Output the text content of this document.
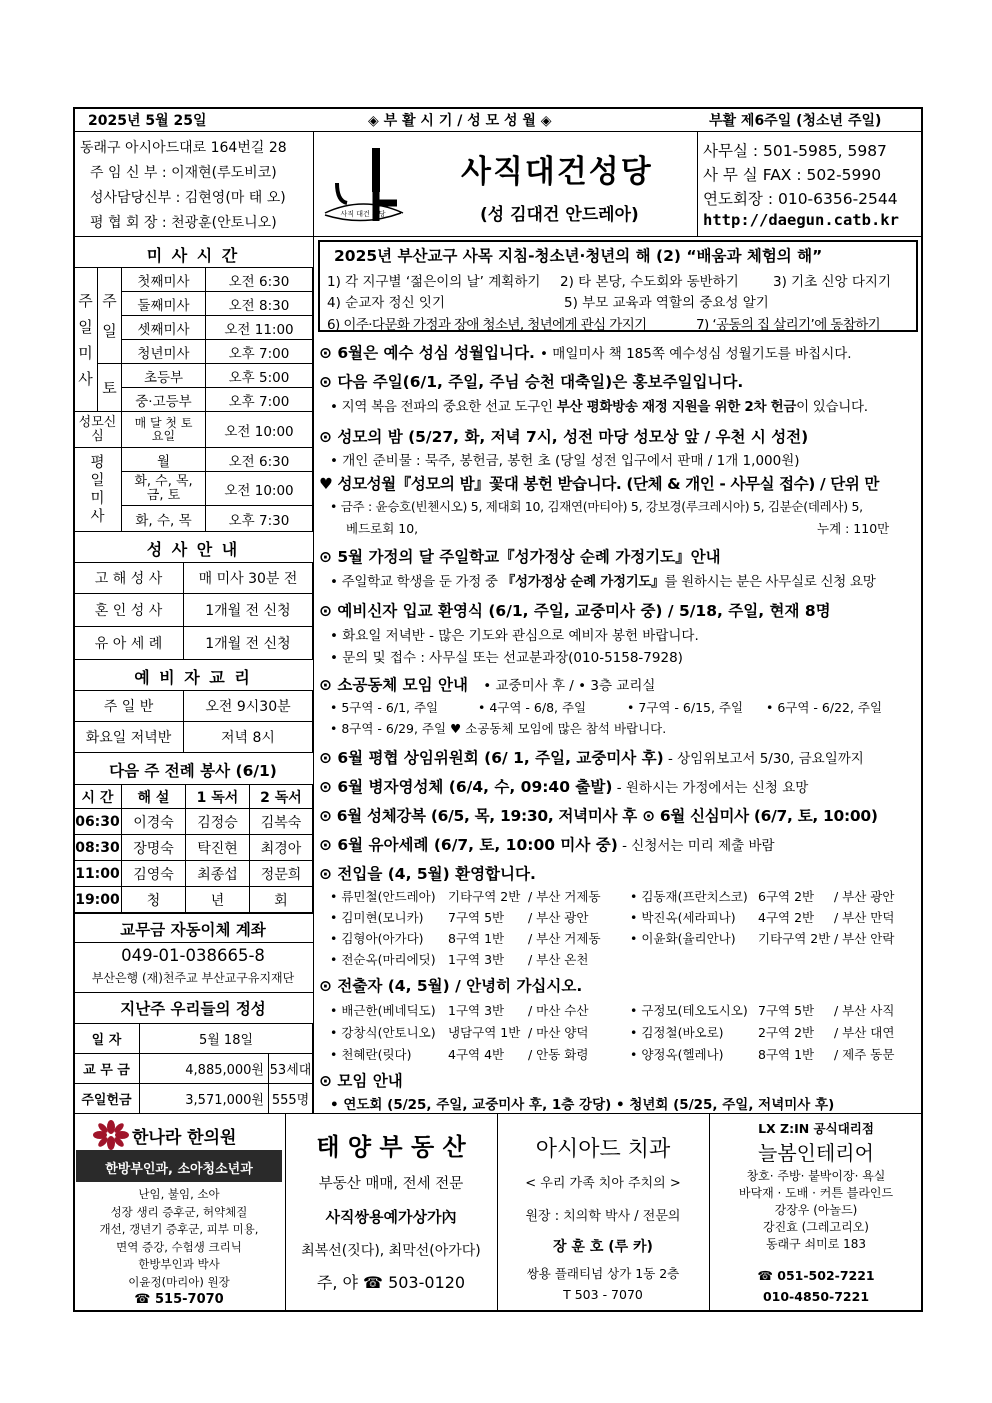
2025년 5월 25일	◈ 부 활 시 기 / 성 모 성 월 ◈	부활 제6주일 (청소년 주일)
동래구 아시아드대로 164번길 28
주 임 신 부 : 이재현(루도비코)
성사담당신부 : 김현영(마 태 오)
평 협 회 장 : 천광훈(안토니오)
사직 대건 성당
사직대건성당
(성 김대건 안드레아)
사무실 : 501-5985, 5987
사 무 실 FAX : 502-5990
연도회장 : 010-6356-2544
http://daegun.catb.kr
미 사 시 간
주
일
미
사	주
일	첫째미사	오전 6:30
		둘째미사	오전 8:30
		셋째미사	오전 11:00
		청년미사	오후 7:00
	토	초등부	오후 5:00
		중·고등부	오후 7:00
성모신심		매 달 첫 토요일	오전 10:00
평일미사		월	오전 6:30
		화, 수, 목, 금, 토	오전 10:00
		화, 수, 목	오후 7:30
성 사 안 내
고 해 성 사	매 미사 30분 전
혼 인 성 사	1개월 전 신청
유 아 세 례	1개월 전 신청
예 비 자 교 리
주 일 반	오전 9시30분
화요일 저녁반	저녁 8시
다음 주 전례 봉사 (6/1)
시 간	해 설	1 독서	2 독서
06:30	이경숙	김정승	김복숙
08:30	장명숙	탁진현	최경아
11:00	김영숙	최종섭	정문희
19:00	청	년	회
교무금 자동이체 계좌
049-01-038665-8
부산은행 (재)천주교 부산교구유지재단
지난주 우리들의 정성
일 자	5월 18일	
교 무 금	4,885,000원	53세대
주일헌금	3,571,000원	555명
2025년 부산교구 사목 지침-청소년·청년의 해 (2) “배움과 체험의 해”
1) 각 지구별 ‘젊은이의 날’ 계획하기 2) 타 본당, 수도회와 동반하기	3) 기초 신앙 다지기
4) 순교자 정신 잇기	5) 부모 교육과 역할의 중요성 알기
6) 이주·다문화 가정과 장애 청소년, 청년에게 관심 가지기	7) ‘공동의 집 살리기’에 동참하기
⊙ 6월은 예수 성심 성월입니다. • 매일미사 책 185쪽 예수성심 성월기도를 바칩시다.
⊙ 다음 주일(6/1, 주일, 주님 승천 대축일)은 홍보주일입니다.
• 지역 복음 전파의 중요한 선교 도구인 부산 평화방송 재정 지원을 위한 2차 헌금이 있습니다.
⊙ 성모의 밤 (5/27, 화, 저녁 7시, 성전 마당 성모상 앞 / 우천 시 성전)
• 개인 준비물 : 묵주, 봉헌금, 봉헌 초 (당일 성전 입구에서 판매 / 1개 1,000원)
♥ 성모성월『성모의 밤』꽃대 봉헌 받습니다. (단체 & 개인 - 사무실 접수) / 단위 만
• 금주 : 윤승호(빈첸시오) 5, 제대회 10, 김재연(마티아) 5, 강보경(루크레시아) 5, 김분순(데레사) 5,
베드로회 10,	누계 : 110만
⊙ 5월 가정의 달 주일학교『성가정상 순례 가정기도』안내
• 주일학교 학생을 둔 가정 중 『성가정상 순례 가정기도』를 원하시는 분은 사무실로 신청 요망
⊙ 예비신자 입교 환영식 (6/1, 주일, 교중미사 중) / 5/18, 주일, 현재 8명
• 화요일 저녁반 - 많은 기도와 관심으로 예비자 봉헌 바랍니다.
• 문의 및 접수 : 사무실 또는 선교분과장(010-5158-7928)
⊙ 소공동체 모임 안내 • 교중미사 후 / • 3층 교리실
• 5구역 - 6/1, 주일	• 4구역 - 6/8, 주일	• 7구역 - 6/15, 주일 • 6구역 - 6/22, 주일
• 8구역 - 6/29, 주일 ♥ 소공동체 모임에 많은 참석 바랍니다.
⊙ 6월 평협 상임위원회 (6/ 1, 주일, 교중미사 후) - 상임위보고서 5/30, 금요일까지
⊙ 6월 병자영성체 (6/4, 수, 09:40 출발) - 원하시는 가정에서는 신청 요망
⊙ 6월 성체강복 (6/5, 목, 19:30, 저녁미사 후 ⊙ 6월 신심미사 (6/7, 토, 10:00)
⊙ 6월 유아세례 (6/7, 토, 10:00 미사 중) - 신청서는 미리 제출 바람
⊙ 전입을 (4, 5월) 환영합니다.
• 류민철(안드레아) 기타구역 2반 / 부산 거제동 • 김동재(프란치스코) 6구역 2반 / 부산 광안
• 김미현(모니카) 7구역 5반 / 부산 광안	• 박진옥(세라피나) 4구역 2반 / 부산 만덕
• 김형아(아가다) 8구역 1반 / 부산 거제동 • 이윤화(율리안나) 기타구역 2반 / 부산 안락
• 전순옥(마리에딧) 1구역 3반 / 부산 온천
⊙ 전출자 (4, 5월) / 안녕히 가십시오.
• 배근한(베네딕도) 1구역 3반 / 마산 수산	• 구정모(테오도시오) 7구역 5반 / 부산 사직
• 강창식(안토니오) 냉담구역 1반 / 마산 양덕	• 김정철(바오로)	2구역 2반 / 부산 대연
• 천혜란(릿다)	4구역 4반 / 안동 화령	• 양정옥(헬레나)	8구역 1반 / 제주 동문
⊙ 모임 안내
• 연도회 (5/25, 주일, 교중미사 후, 1층 강당) • 청년회 (5/25, 주일, 저녁미사 후)
한나라 한의원
한방부인과, 소아청소년과
난임, 불임, 소아
성장 생리 증후군, 허약체질
개선, 갱년기 증후군, 피부 미용,
면역 증강, 수험생 크리닉
한방부인과 박사
이윤정(마리아) 원장
☎ 515-7070
태 양 부 동 산
부동산 매매, 전세 전문
사직쌍용예가상가內
최복선(짓다), 최막선(아가다)
주, 야 ☎ 503-0120
아시아드 치과
< 우리 가족 치아 주치의 >
원장 : 치의학 박사 / 전문의
장 훈 호 (루 카)
쌍용 플래티넘 상가 1동 2층
T 503 - 7070
LX Z:IN 공식대리점
늘봄인테리어
창호· 주방· 붙박이장· 욕실
바닥재 · 도배 · 커튼 블라인드
강장우 (아놀드)
강진효 (그레고리오)
동래구 쇠미로 183
☎ 051-502-7221
010-4850-7221
